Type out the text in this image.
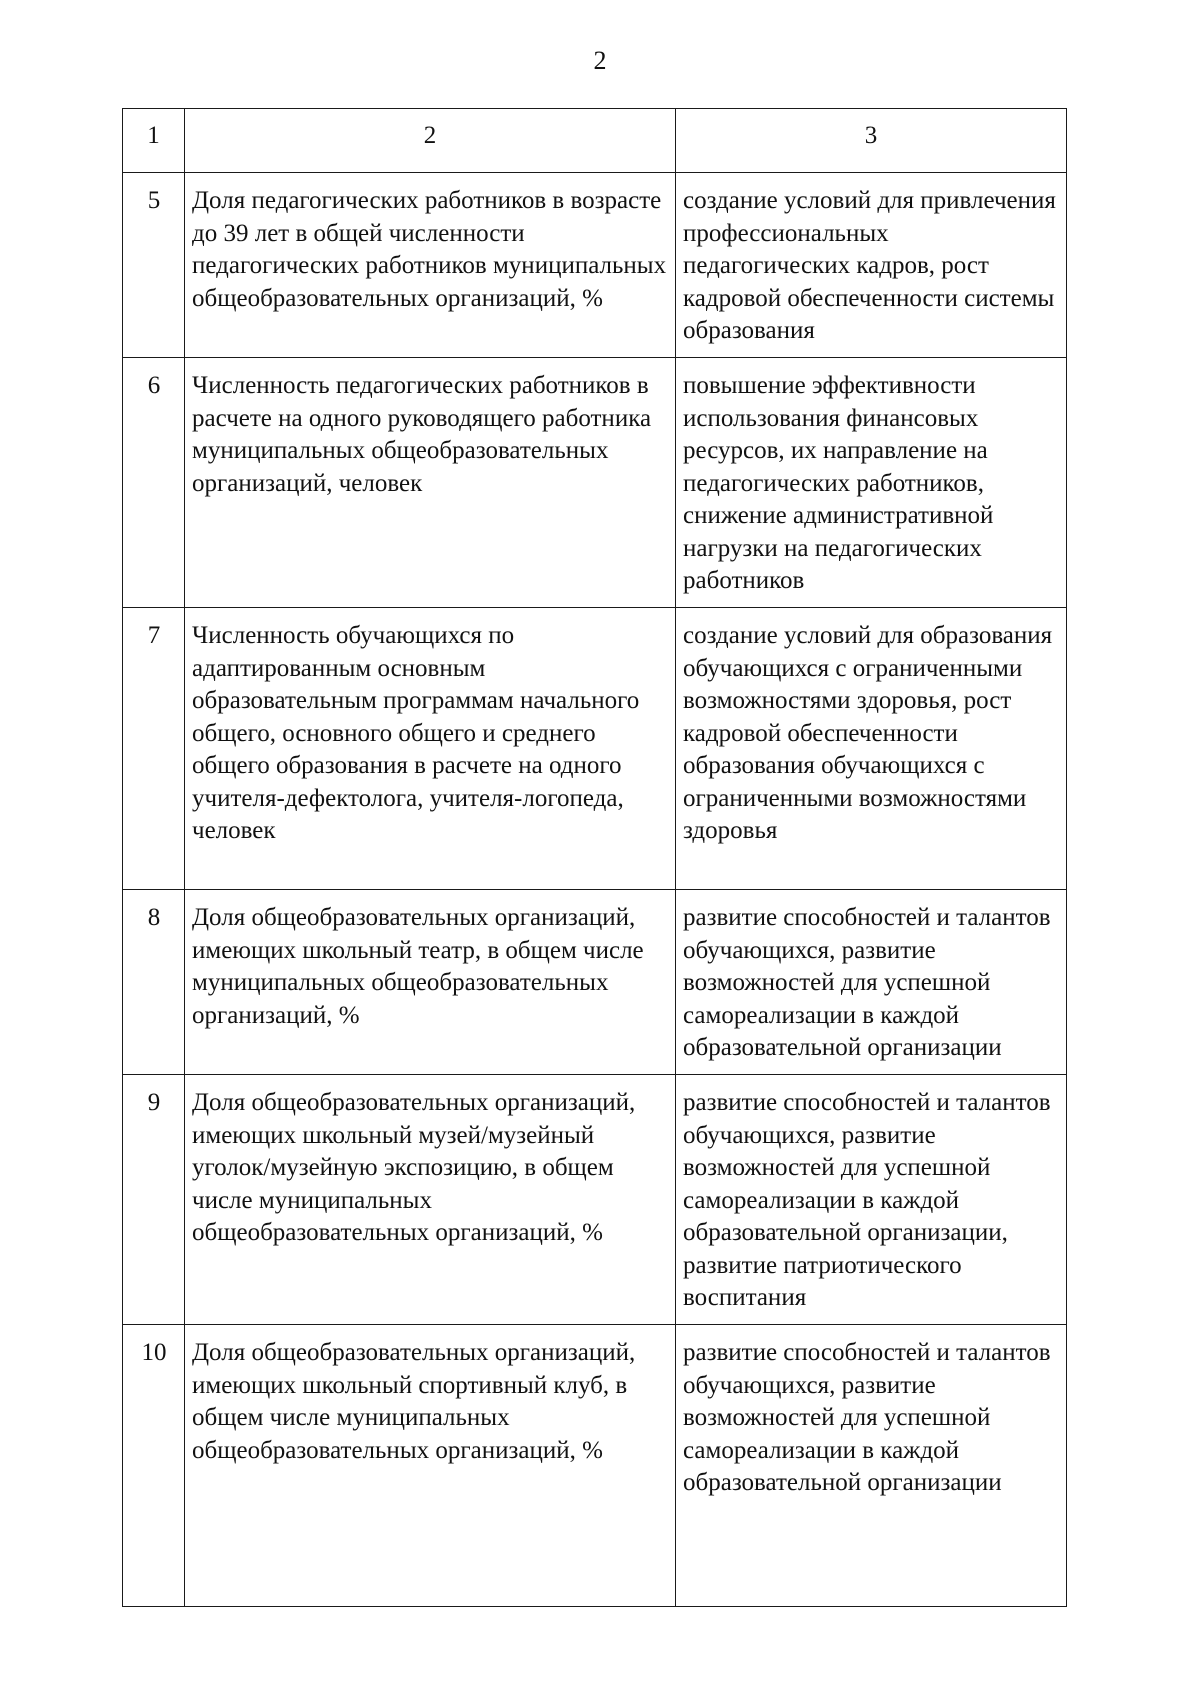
2
1	2	3
5	Доля педагогических работников в возрасте до 39 лет в общей численности педагогических работников муниципальных общеобразовательных организаций, %	создание условий для привлечения профессиональных педагогических кадров, рост кадровой обеспеченности системы образования
6	Численность педагогических работников в расчете на одного руководящего работника муниципальных общеобразовательных организаций, человек	повышение эффективности использования финансовых ресурсов, их направление на педагогических работников, снижение административной нагрузки на педагогических работников
7	Численность обучающихся по адаптированным основным образовательным программам начального общего, основного общего и среднего общего образования в расчете на одного учителя-дефектолога, учителя-логопеда, человек	создание условий для образования обучающихся с ограниченными возможностями здоровья, рост кадровой обеспеченности образования обучающихся с ограниченными возможностями здоровья
8	Доля общеобразовательных организаций, имеющих школьный театр, в общем числе муниципальных общеобразовательных организаций, %	развитие способностей и талантов обучающихся, развитие возможностей для успешной самореализации в каждой образовательной организации
9	Доля общеобразовательных организаций, имеющих школьный музей/музейный уголок/музейную экспозицию, в общем числе муниципальных общеобразовательных организаций, %	развитие способностей и талантов обучающихся, развитие возможностей для успешной самореализации в каждой образовательной организации, развитие патриотического воспитания
10	Доля общеобразовательных организаций, имеющих школьный спортивный клуб, в общем числе муниципальных общеобразовательных организаций, %	развитие способностей и талантов обучающихся, развитие возможностей для успешной самореализации в каждой образовательной организации
